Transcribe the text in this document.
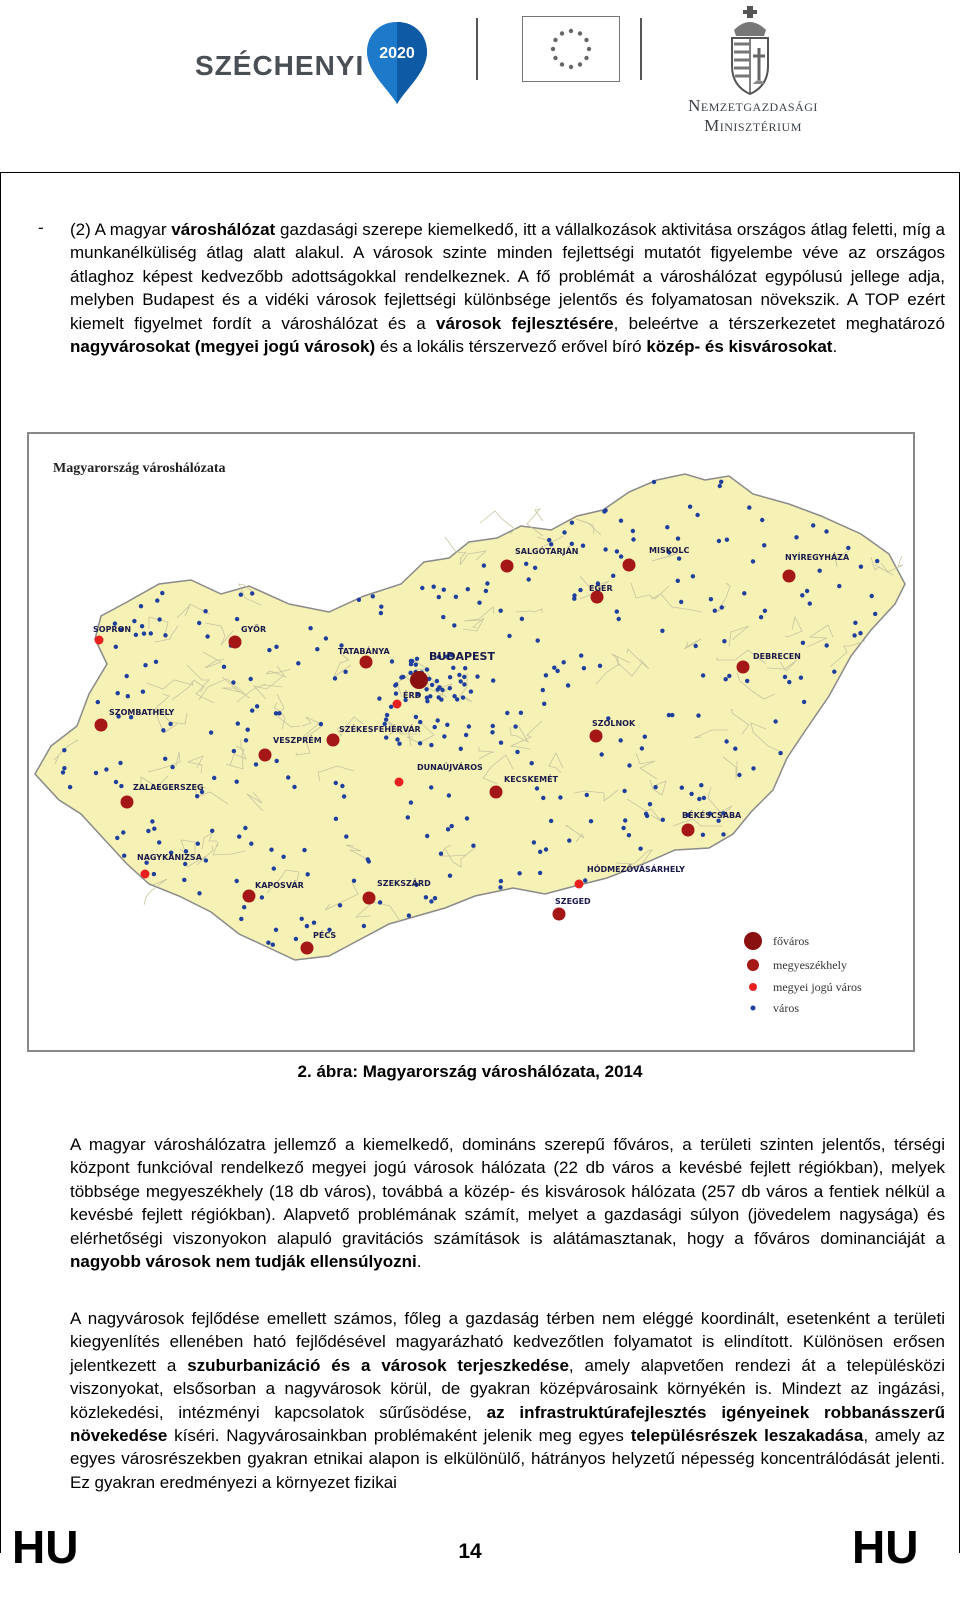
SZÉCHENYI 2020
Nemzetgazdasági
Minisztérium
- (2) A magyar városhálózat gazdasági szerepe kiemelkedő, itt a vállalkozások aktivitása országos átlag feletti, míg a munkanélküliség átlag alatt alakul. A városok szinte minden fejlettségi mutatót figyelembe véve az országos átlaghoz képest kedvezőbb adottságokkal rendelkeznek. A fő problémát a városhálózat egypólusú jellege adja, melyben Budapest és a vidéki városok fejlettségi különbsége jelentős és folyamatosan növekszik. A TOP ezért kiemelt figyelmet fordít a városhálózat és a városok fejlesztésére, beleértve a térszerkezetet meghatározó nagyvárosokat (megyei jogú városok) és a lokális térszervező erővel bíró közép- és kisvárosokat.
Magyarország városhálózata
BUDAPEST
SALGÓTARJÁN	MISKOLC
NYÍREGYHÁZA
EGER
DEBRECEN
SOPRON	GYŐR
TATABÁNYA
ÉRD
SZOMBATHELY
VESZPRÉM
SZÉKESFEHÉRVÁR
SZOLNOK
DUNAÚJVÁROS
KECSKEMÉT
ZALAEGERSZEG
BÉKÉSCSABA
NAGYKANIZSA
HÓDMEZŐVÁSÁRHELY
KAPOSVÁR	SZEKSZÁRD
SZEGED
PÉCS	főváros
megyeszékhely
megyei jogú város
város
2. ábra: Magyarország városhálózata, 2014
A magyar városhálózatra jellemző a kiemelkedő, domináns szerepű főváros, a területi szinten jelentős, térségi központ funkcióval rendelkező megyei jogú városok hálózata (22 db város a kevésbé fejlett régiókban), melyek többsége megyeszékhely (18 db város), továbbá a közép- és kisvárosok hálózata (257 db város a fentiek nélkül a kevésbé fejlett régiókban). Alapvető problémának számít, melyet a gazdasági súlyon (jövedelem nagysága) és elérhetőségi viszonyokon alapuló gravitációs számítások is alátámasztanak, hogy a főváros dominanciáját a nagyobb városok nem tudják ellensúlyozni.
A nagyvárosok fejlődése emellett számos, főleg a gazdaság térben nem eléggé koordinált, esetenként a területi kiegyenlítés ellenében ható fejlődésével magyarázható kedvezőtlen folyamatot is elindított. Különösen erősen jelentkezett a szuburbanizáció és a városok terjeszkedése, amely alapvetően rendezi át a településközi viszonyokat, elsősorban a nagyvárosok körül, de gyakran középvárosaink környékén is. Mindezt az ingázási, közlekedési, intézményi kapcsolatok sűrűsödése, az infrastruktúrafejlesztés igényeinek robbanásszerű növekedése kíséri. Nagyvárosainkban problémaként jelenik meg egyes településrészek leszakadása, amely az egyes városrészekben gyakran etnikai alapon is elkülönülő, hátrányos helyzetű népesség koncentrálódását jelenti. Ez gyakran eredményezi a környezet fizikai
HU	14	HU
